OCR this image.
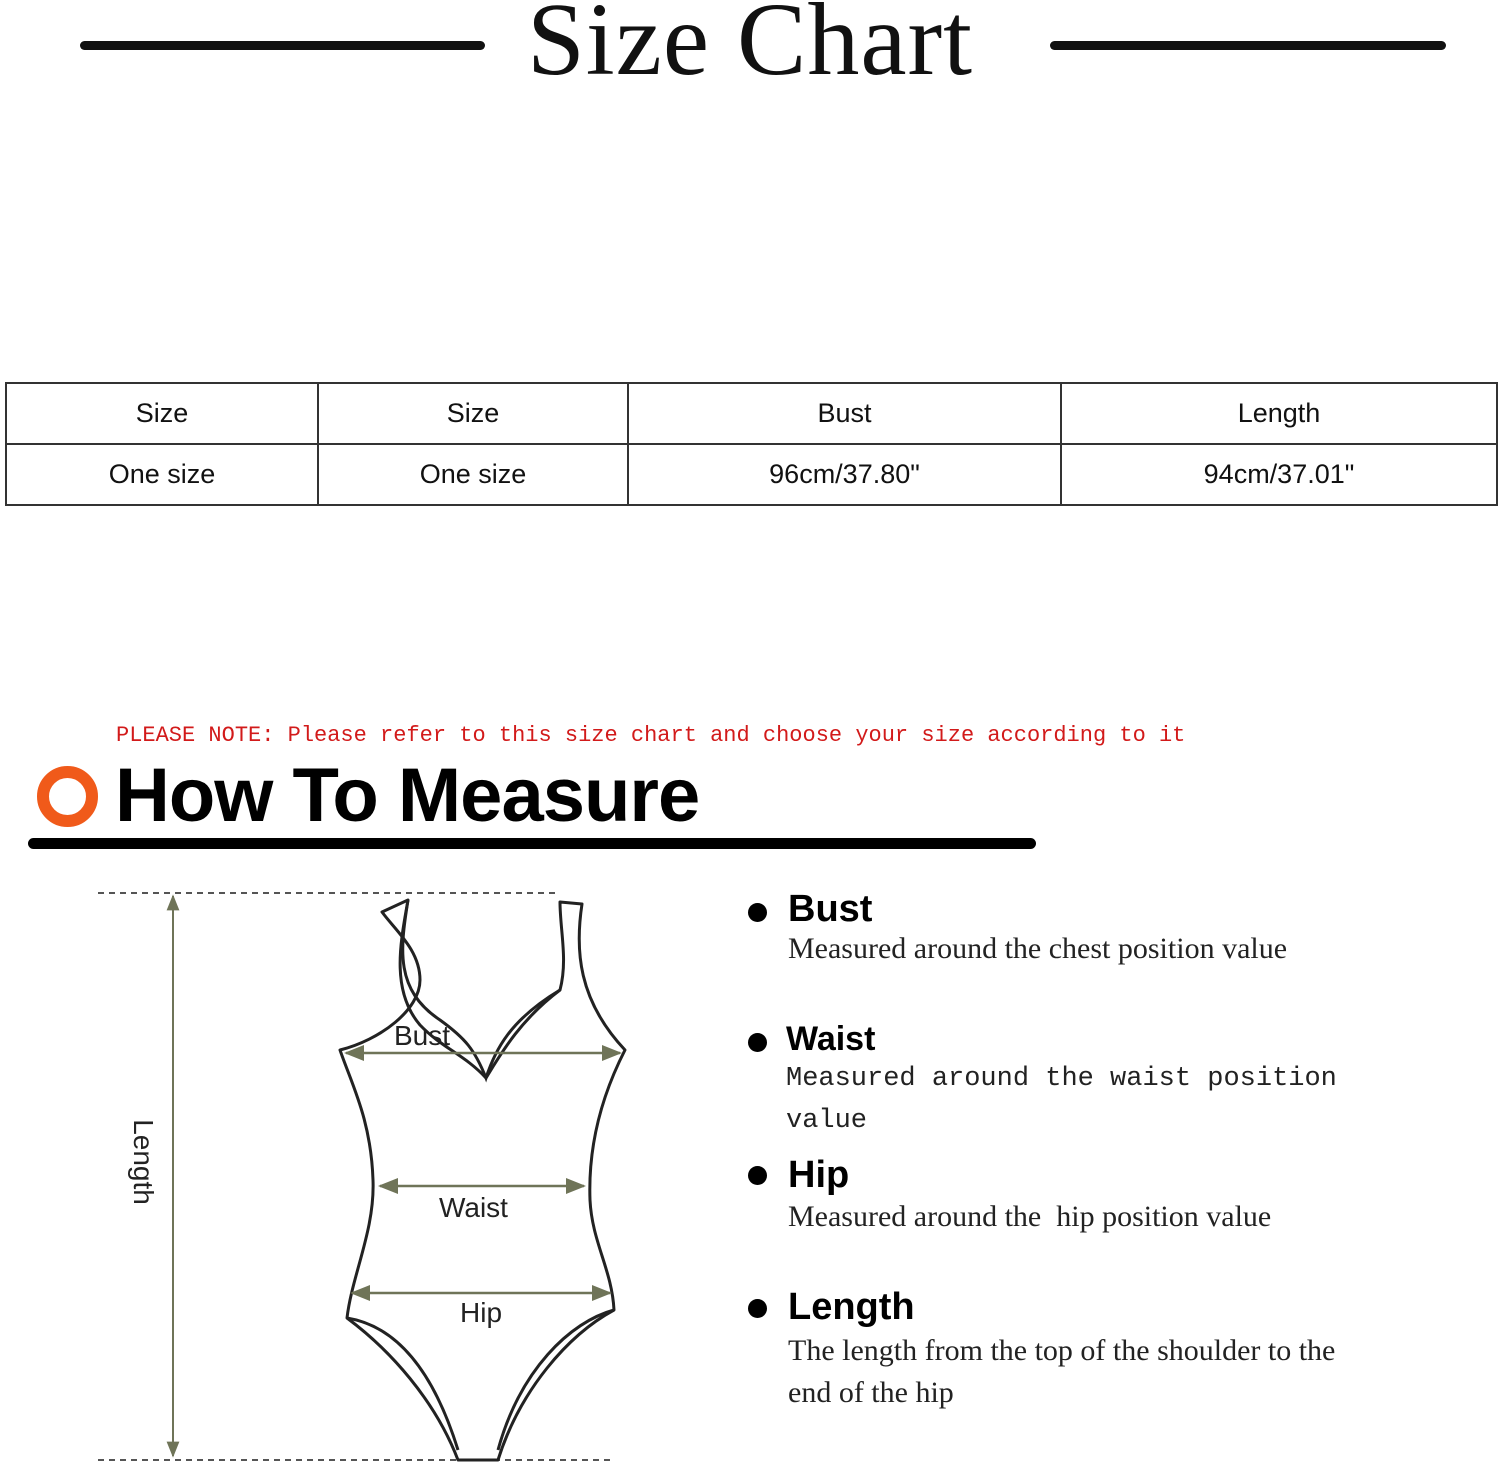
Size Chart
Size	Size	Bust	Length
One size	One size	96cm/37.80"	94cm/37.01"
PLEASE NOTE: Please refer to this size chart and choose your size according to it
How To Measure
Length
Bust
Waist
Hip
Bust
Measured around the chest position value
Waist
Measured around the waist position value
Hip
Measured around the  hip position value
Length
The length from the top of the shoulder to the end of the hip
